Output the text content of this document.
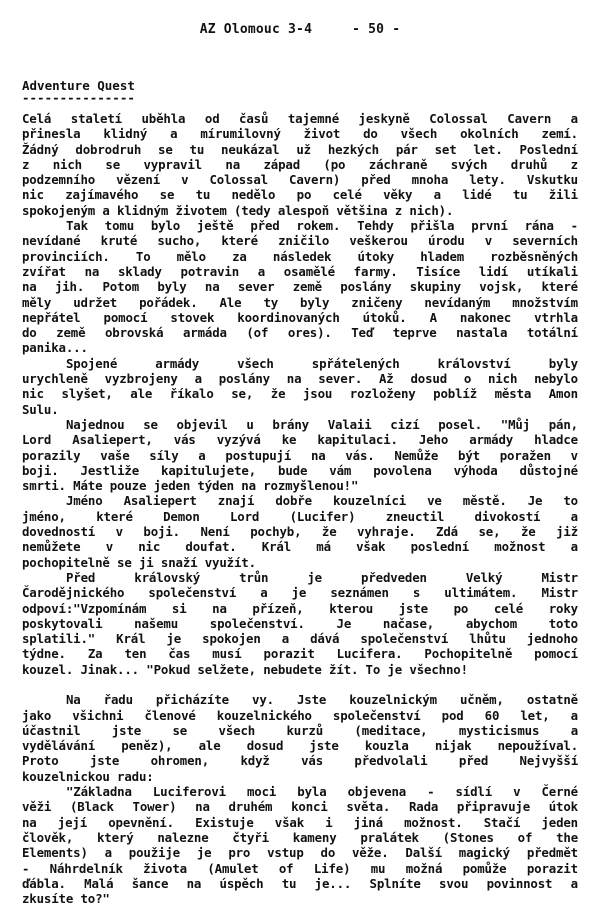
AZ Olomouc 3-4	- 50 -
Adventure Quest
---------------
Celá staletí uběhla od časů tajemné jeskyně Colossal Cavern a
přinesla klidný a mírumilovný život do všech okolních zemí.
Žádný dobrodruh se tu neukázal už hezkých pár set let. Poslední
z nich se vypravil na západ (po záchraně svých druhů z
podzemního vězení v Colossal Cavern) před mnoha lety. Vskutku
nic zajímavého se tu nedělo po celé věky a lidé tu žili
spokojeným a klidným životem (tedy alespoň většina z nich).
Tak tomu bylo ještě před rokem. Tehdy přišla první rána -
nevídané kruté sucho, které zničilo veškerou úrodu v severních
provinciích. To mělo za následek útoky hladem rozběsněných
zvířat na sklady potravin a osamělé farmy. Tisíce lidí utíkali
na jih. Potom byly na sever země poslány skupiny vojsk, které
měly udržet pořádek. Ale ty byly zničeny nevídaným množstvím
nepřátel pomocí stovek koordinovaných útoků. A nakonec vtrhla
do země obrovská armáda (of ores). Teď teprve nastala totální
panika...
Spojené armády všech spřátelených království byly
urychleně vyzbrojeny a poslány na sever. Až dosud o nich nebylo
nic slyšet, ale říkalo se, že jsou rozloženy poblíž města Amon
Sulu.
Najednou se objevil u brány Valaii cizí posel. "Můj pán,
Lord Asaliepert, vás vyzývá ke kapitulaci. Jeho armády hladce
porazily vaše síly a postupují na vás. Nemůže být poražen v
boji. Jestliže kapitulujete, bude vám povolena výhoda důstojné
smrti. Máte pouze jeden týden na rozmyšlenou!"
Jméno Asaliepert znají dobře kouzelníci ve městě. Je to
jméno, které Demon Lord (Lucifer) zneuctil divokostí a
dovedností v boji. Není pochyb, že vyhraje. Zdá se, že již
nemůžete v nic doufat. Král má však poslední možnost a
pochopitelně se ji snaží využít.
Před královský trůn je předveden Velký Mistr
Čarodějnického společenství a je seznámen s ultimátem. Mistr
odpoví:"Vzpomínám si na přízeň, kterou jste po celé roky
poskytovali našemu společenství. Je načase, abychom toto
splatili." Král je spokojen a dává společenství lhůtu jednoho
týdne. Za ten čas musí porazit Lucifera. Pochopitelně pomocí
kouzel. Jinak... "Pokud selžete, nebudete žít. To je všechno!
Na řadu přicházíte vy. Jste kouzelnickým učněm, ostatně
jako všichni členové kouzelnického společenství pod 60 let, a
účastnil jste se všech kurzů (meditace, mysticismus a
vydělávání peněz), ale dosud jste kouzla nijak nepoužíval.
Proto jste ohromen, když vás předvolali před Nejvyšší
kouzelnickou radu:
"Základna Luciferovi moci byla objevena - sídlí v Černé
věži (Black Tower) na druhém konci světa. Rada připravuje útok
na její opevnění. Existuje však i jiná možnost. Stačí jeden
člověk, který nalezne čtyři kameny pralátek (Stones of the
Elements) a použije je pro vstup do věže. Další magický předmět
- Náhrdelník života (Amulet of Life) mu možná pomůže porazit
ďábla. Malá šance na úspěch tu je... Splníte svou povinnost a
zkusíte to?"
